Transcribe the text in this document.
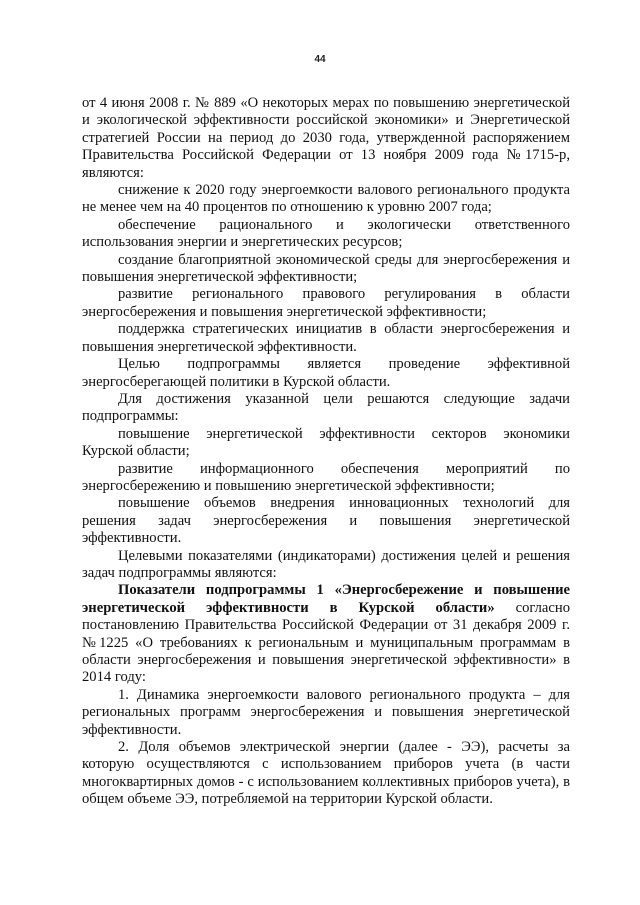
44

от 4 июня 2008 г. № 889 «О некоторых мерах по повышению энергетической и экологической эффективности российской экономики» и Энергетической стратегией России на период до 2030 года, утвержденной распоряжением Правительства Российской Федерации от 13 ноября 2009 года №1715-р, являются:

снижение к 2020 году энергоемкости валового регионального продукта не менее чем на 40 процентов по отношению к уровню 2007 года;

обеспечение рационального и экологически ответственного использования энергии и энергетических ресурсов;

создание благоприятной экономической среды для энергосбережения и повышения энергетической эффективности;

развитие регионального правового регулирования в области энергосбережения и повышения энергетической эффективности;

поддержка стратегических инициатив в области энергосбережения и повышения энергетической эффективности.

Целью подпрограммы является проведение эффективной энергосберегающей политики в Курской области.

Для достижения указанной цели решаются следующие задачи подпрограммы:

повышение энергетической эффективности секторов экономики Курской области;

развитие информационного обеспечения мероприятий по энергосбережению и повышению энергетической эффективности;

повышение объемов внедрения инновационных технологий для решения задач энергосбережения и повышения энергетической эффективности.

Целевыми показателями (индикаторами) достижения целей и решения задач подпрограммы являются:

Показатели подпрограммы 1 «Энергосбережение и повышение энергетической эффективности в Курской области» согласно постановлению Правительства Российской Федерации от 31 декабря 2009 г. №1225 «О требованиях к региональным и муниципальным программам в области энергосбережения и повышения энергетической эффективности» в 2014 году:

1. Динамика энергоемкости валового регионального продукта – для региональных программ энергосбережения и повышения энергетической эффективности.

2. Доля объемов электрической энергии (далее - ЭЭ), расчеты за которую осуществляются с использованием приборов учета (в части многоквартирных домов - с использованием коллективных приборов учета), в общем объеме ЭЭ, потребляемой на территории Курской области.
